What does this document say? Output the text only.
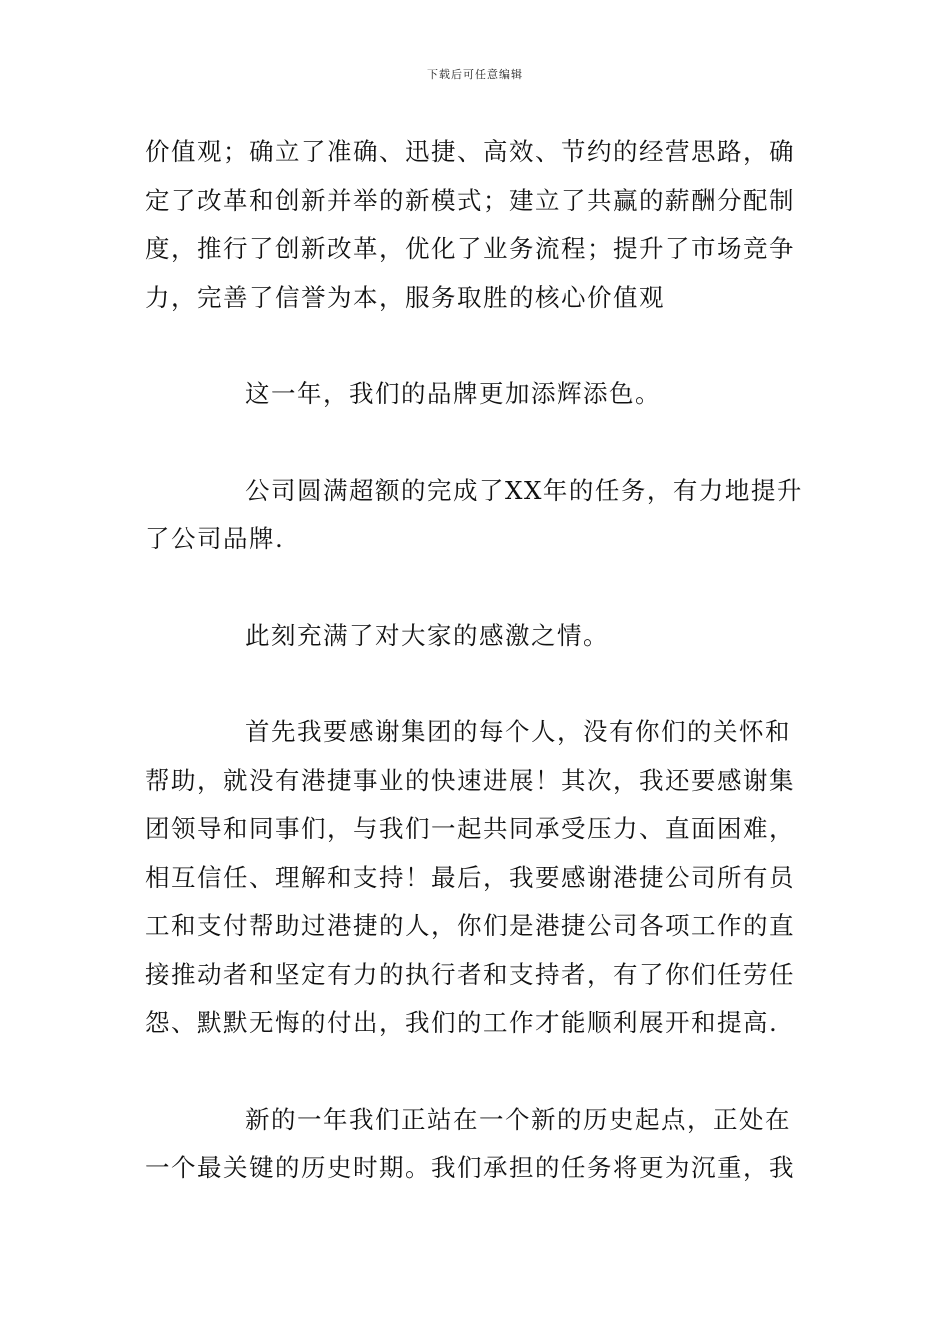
下载后可任意编辑

价值观；确立了准确、迅捷、高效、节约的经营思路，确
定了改革和创新并举的新模式；建立了共赢的薪酬分配制
度，推行了创新改革，优化了业务流程；提升了市场竞争
力，完善了信誉为本，服务取胜的核心价值观

这一年，我们的品牌更加添辉添色。

公司圆满超额的完成了XX年的任务，有力地提升
了公司品牌.

此刻充满了对大家的感激之情。

首先我要感谢集团的每个人，没有你们的关怀和
帮助，就没有港捷事业的快速进展！其次，我还要感谢集
团领导和同事们，与我们一起共同承受压力、直面困难，
相互信任、理解和支持！最后，我要感谢港捷公司所有员
工和支付帮助过港捷的人，你们是港捷公司各项工作的直
接推动者和坚定有力的执行者和支持者，有了你们任劳任
怨、默默无悔的付出，我们的工作才能顺利展开和提高.

新的一年我们正站在一个新的历史起点，正处在
一个最关键的历史时期。我们承担的任务将更为沉重，我
